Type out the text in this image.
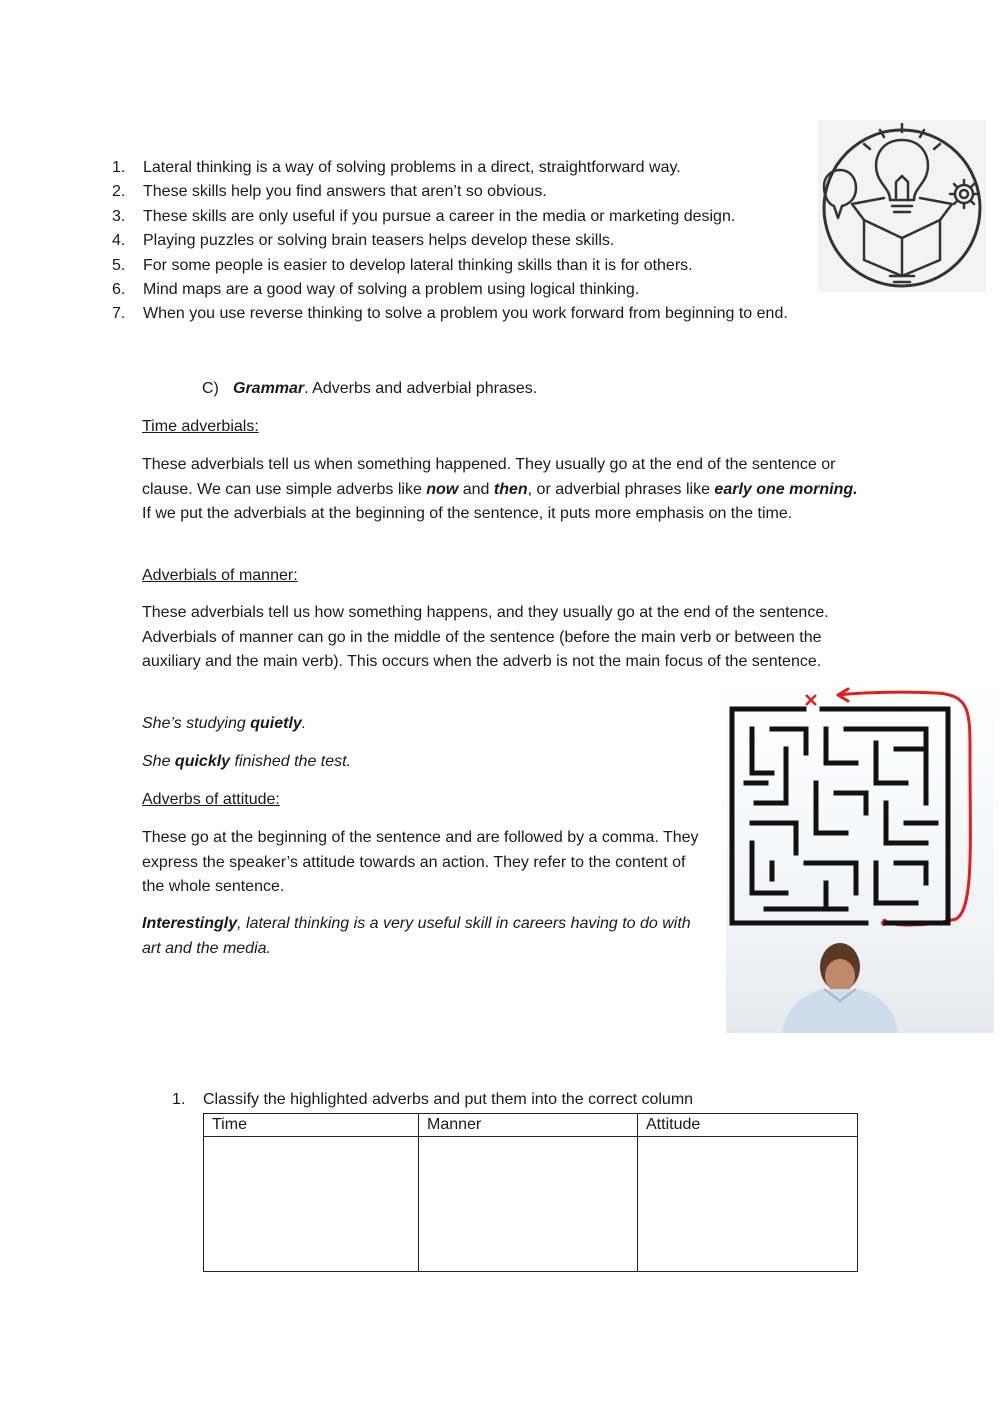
1. Lateral thinking is a way of solving problems in a direct, straightforward way.
2. These skills help you find answers that aren’t so obvious.
3. These skills are only useful if you pursue a career in the media or marketing design.
4. Playing puzzles or solving brain teasers helps develop these skills.
5. For some people is easier to develop lateral thinking skills than it is for others.
6. Mind maps are a good way of solving a problem using logical thinking.
7. When you use reverse thinking to solve a problem you work forward from beginning to end.
C) Grammar. Adverbs and adverbial phrases.

Time adverbials:

These adverbials tell us when something happened. They usually go at the end of the sentence or clause. We can use simple adverbs like now and then, or adverbial phrases like early one morning. If we put the adverbials at the beginning of the sentence, it puts more emphasis on the time.

Adverbials of manner:

These adverbials tell us how something happens, and they usually go at the end of the sentence. Adverbials of manner can go in the middle of the sentence (before the main verb or between the auxiliary and the main verb). This occurs when the adverb is not the main focus of the sentence.

She’s studying quietly.

She quickly finished the test.

Adverbs of attitude:

These go at the beginning of the sentence and are followed by a comma. They express the speaker’s attitude towards an action. They refer to the content of the whole sentence.

Interestingly, lateral thinking is a very useful skill in careers having to do with art and the media.

1. Classify the highlighted adverbs and put them into the correct column
Time	Manner	Attitude
